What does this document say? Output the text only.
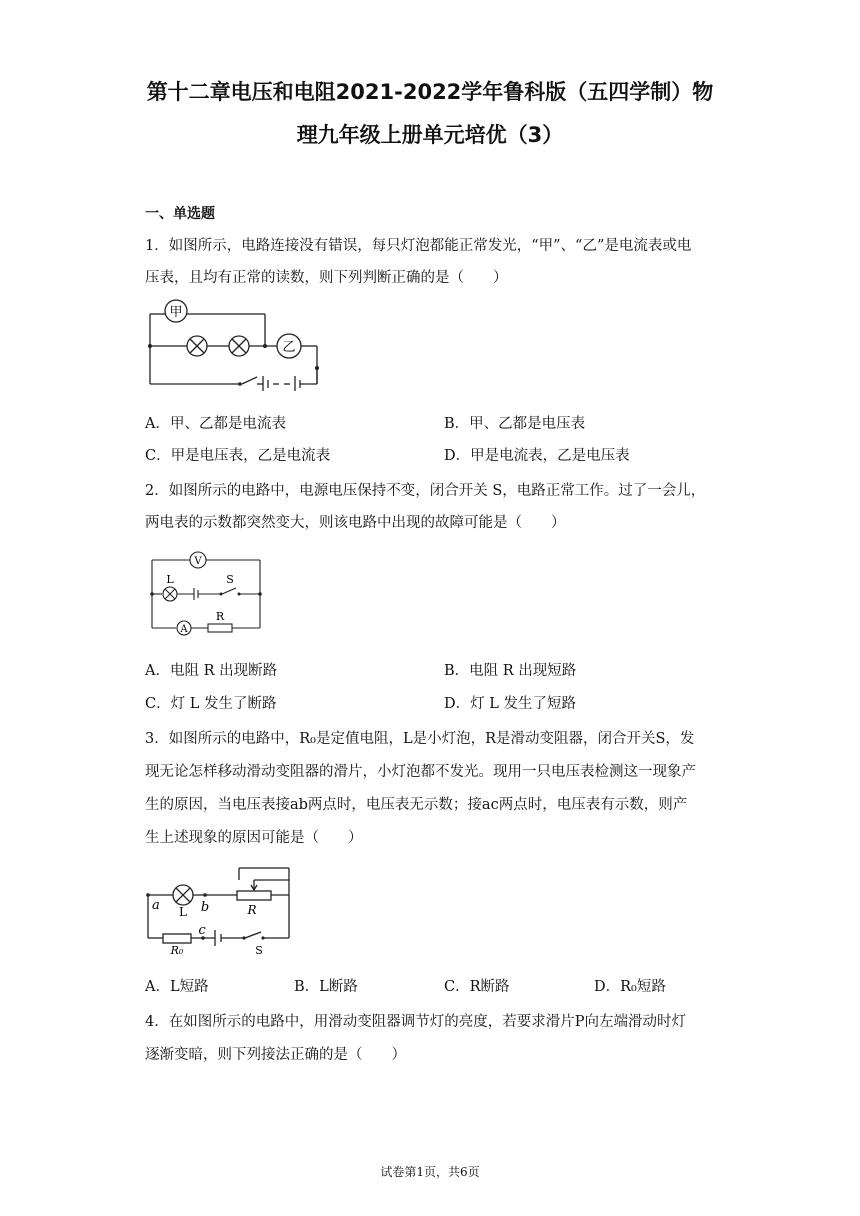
第十二章电压和电阻2021-2022学年鲁科版（五四学制）物
理九年级上册单元培优（3）
一、单选题
1．如图所示，电路连接没有错误，每只灯泡都能正常发光，“甲”、“乙”是电流表或电
压表，且均有正常的读数，则下列判断正确的是（　　）
甲
乙
A．甲、乙都是电流表	B．甲、乙都是电压表
C．甲是电压表，乙是电流表	D．甲是电流表，乙是电压表
2．如图所示的电路中，电源电压保持不变，闭合开关 S，电路正常工作。过了一会儿，
两电表的示数都突然变大，则该电路中出现的故障可能是（　　）
V
L	S
A
R
A．电阻 R 出现断路	B．电阻 R 出现短路
C．灯 L 发生了断路	D．灯 L 发生了短路
3．如图所示的电路中，R₀是定值电阻，L是小灯泡，R是滑动变阻器，闭合开关S，发
现无论怎样移动滑动变阻器的滑片，小灯泡都不发光。现用一只电压表检测这一现象产
生的原因，当电压表接ab两点时，电压表无示数；接ac两点时，电压表有示数，则产
生上述现象的原因可能是（　　）
a L b	R
c
R₀	S
A．L短路	B．L断路	C．R断路	D．R₀短路
4．在如图所示的电路中，用滑动变阻器调节灯的亮度，若要求滑片P向左端滑动时灯
逐渐变暗，则下列接法正确的是（　　）
试卷第1页，共6页
